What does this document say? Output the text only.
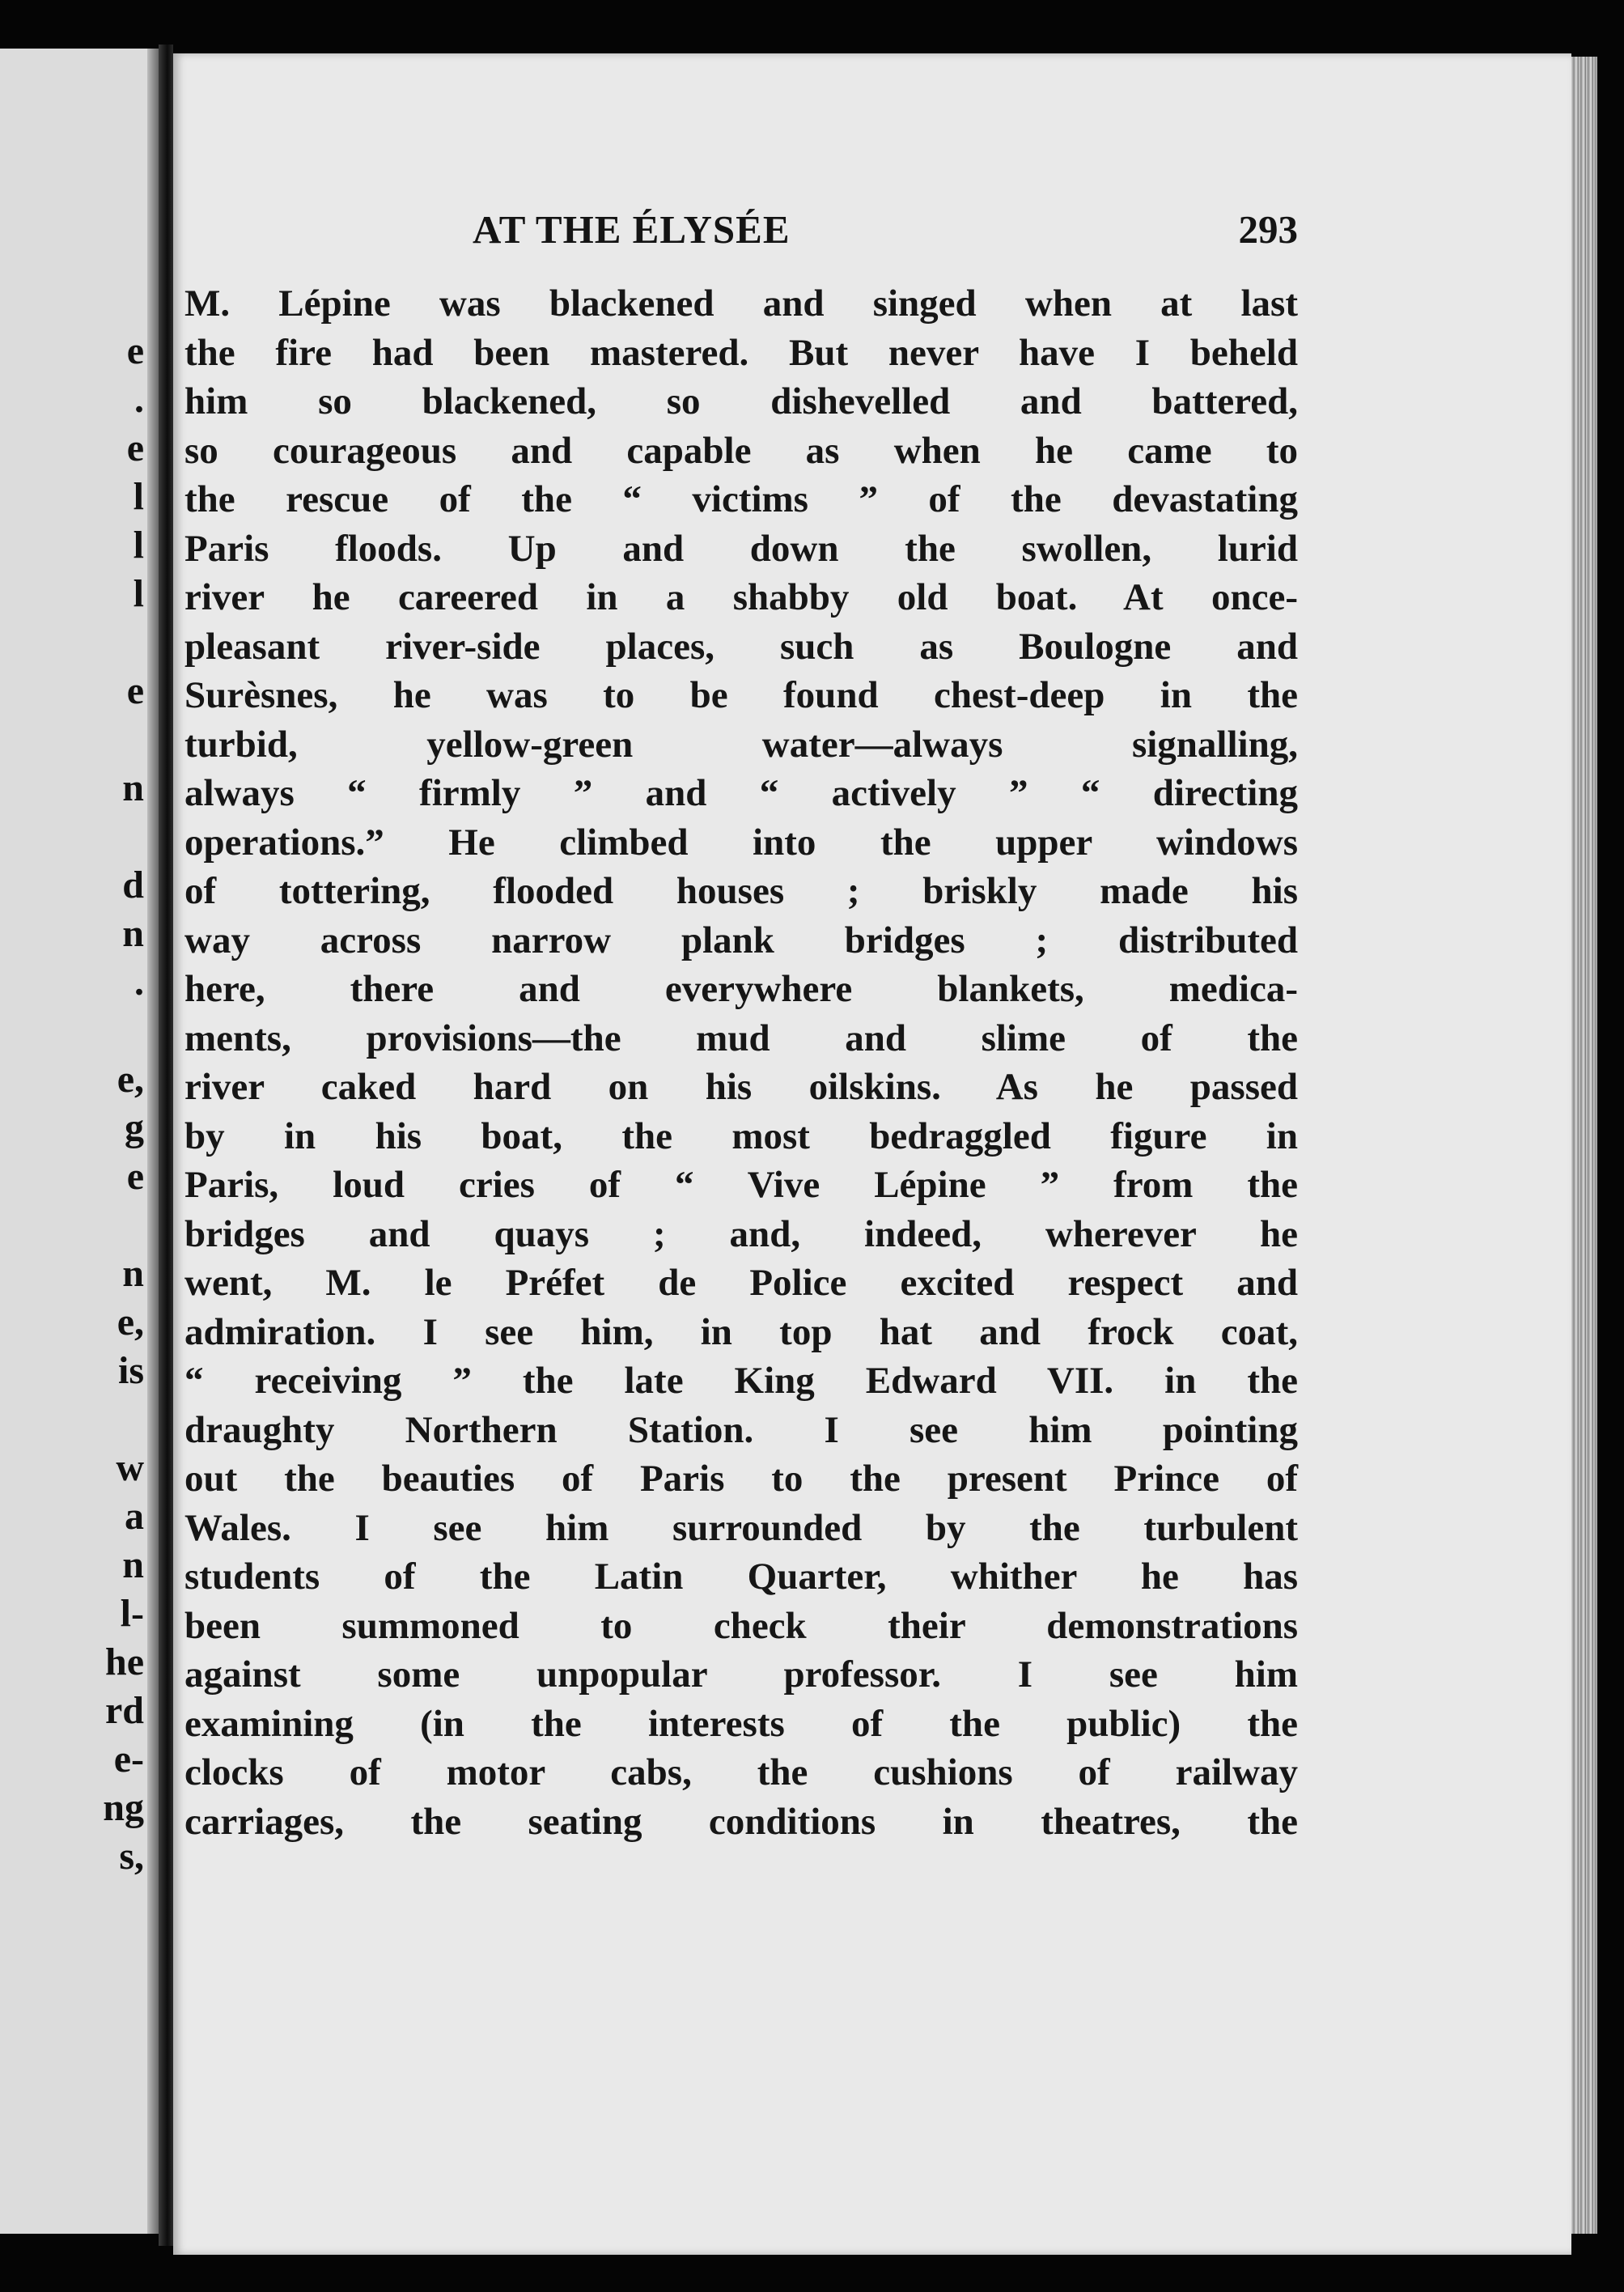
e
.
e
l
l
l
e
n
d
n
.
e,
g
e
n
e,
is
w
a
n
l-
he
rd
e-
ng
s,
AT THE ÉLYSÉE	293
M. Lépine was blackened and singed when at last
the fire had been mastered. But never have I beheld
him so blackened, so dishevelled and battered,
so courageous and capable as when he came to
the rescue of the “ victims ” of the devastating
Paris floods. Up and down the swollen, lurid
river he careered in a shabby old boat. At once-
pleasant river-side places, such as Boulogne and
Surèsnes, he was to be found chest-deep in the
turbid, yellow-green water—always signalling,
always “ firmly ” and “ actively ” “ directing
operations.” He climbed into the upper windows
of tottering, flooded houses ; briskly made his
way across narrow plank bridges ; distributed
here, there and everywhere blankets, medica-
ments, provisions—the mud and slime of the
river caked hard on his oilskins. As he passed
by in his boat, the most bedraggled figure in
Paris, loud cries of “ Vive Lépine ” from the
bridges and quays ; and, indeed, wherever he
went, M. le Préfet de Police excited respect and
admiration. I see him, in top hat and frock coat,
“ receiving ” the late King Edward VII. in the
draughty Northern Station. I see him pointing
out the beauties of Paris to the present Prince of
Wales. I see him surrounded by the turbulent
students of the Latin Quarter, whither he has
been summoned to check their demonstrations
against some unpopular professor. I see him
examining (in the interests of the public) the
clocks of motor cabs, the cushions of railway
carriages, the seating conditions in theatres, the
